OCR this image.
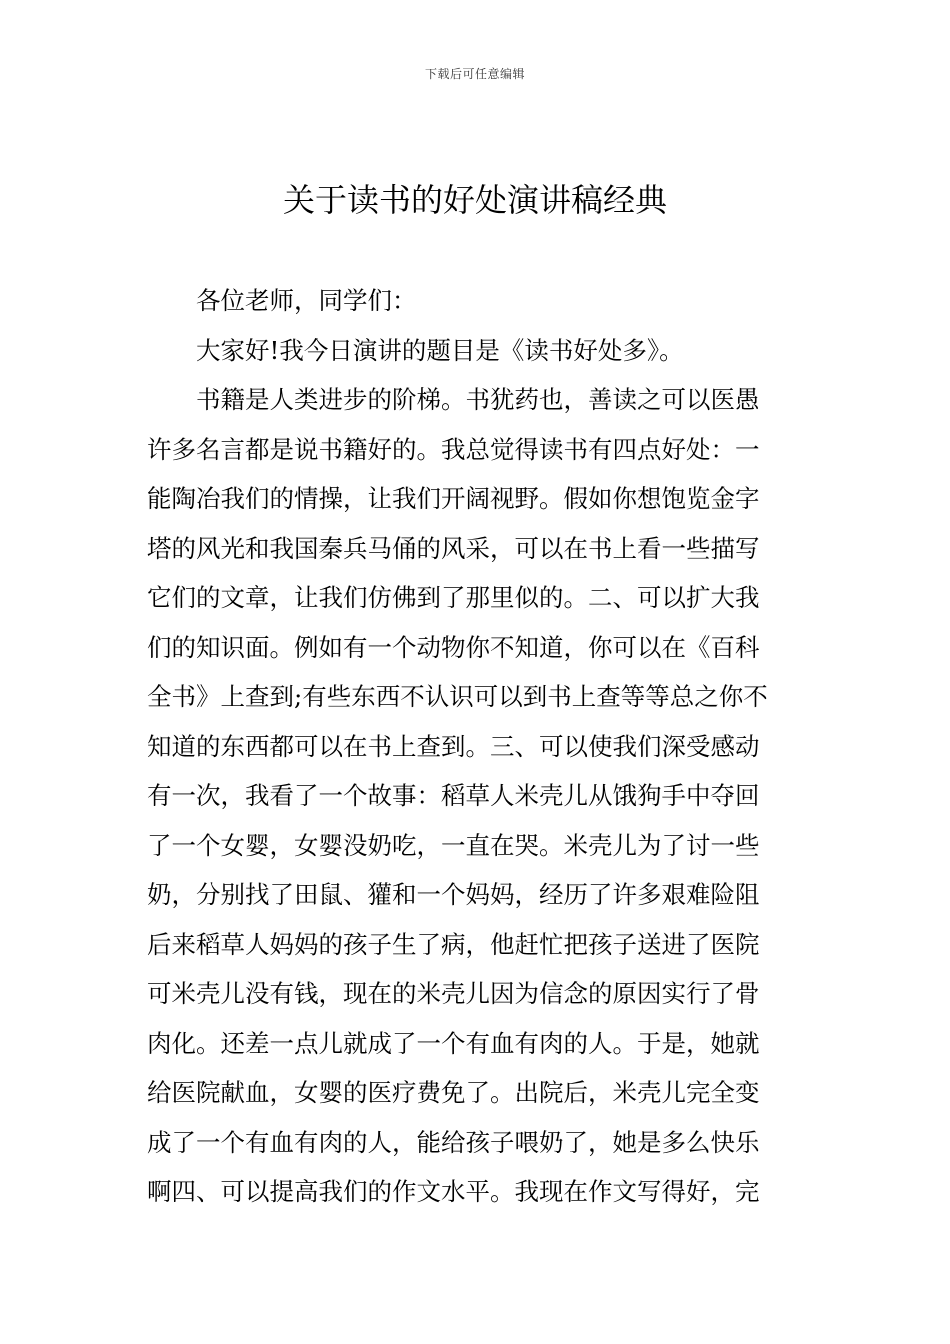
下载后可任意编辑
关于读书的好处演讲稿经典
各位老师，同学们：
大家好!我今日演讲的题目是《读书好处多》。
书籍是人类进步的阶梯。书犹药也，善读之可以医愚
许多名言都是说书籍好的。我总觉得读书有四点好处：一
能陶冶我们的情操，让我们开阔视野。假如你想饱览金字
塔的风光和我国秦兵马俑的风采，可以在书上看一些描写
它们的文章，让我们仿佛到了那里似的。二、可以扩大我
们的知识面。例如有一个动物你不知道，你可以在《百科
全书》上查到;有些东西不认识可以到书上查等等总之你不
知道的东西都可以在书上查到。三、可以使我们深受感动
有一次，我看了一个故事：稻草人米壳儿从饿狗手中夺回
了一个女婴，女婴没奶吃，一直在哭。米壳儿为了讨一些
奶，分别找了田鼠、獾和一个妈妈，经历了许多艰难险阻
后来稻草人妈妈的孩子生了病，他赶忙把孩子送进了医院
可米壳儿没有钱，现在的米壳儿因为信念的原因实行了骨
肉化。还差一点儿就成了一个有血有肉的人。于是，她就
给医院献血，女婴的医疗费免了。出院后，米壳儿完全变
成了一个有血有肉的人，能给孩子喂奶了，她是多么快乐
啊四、可以提高我们的作文水平。我现在作文写得好，完
